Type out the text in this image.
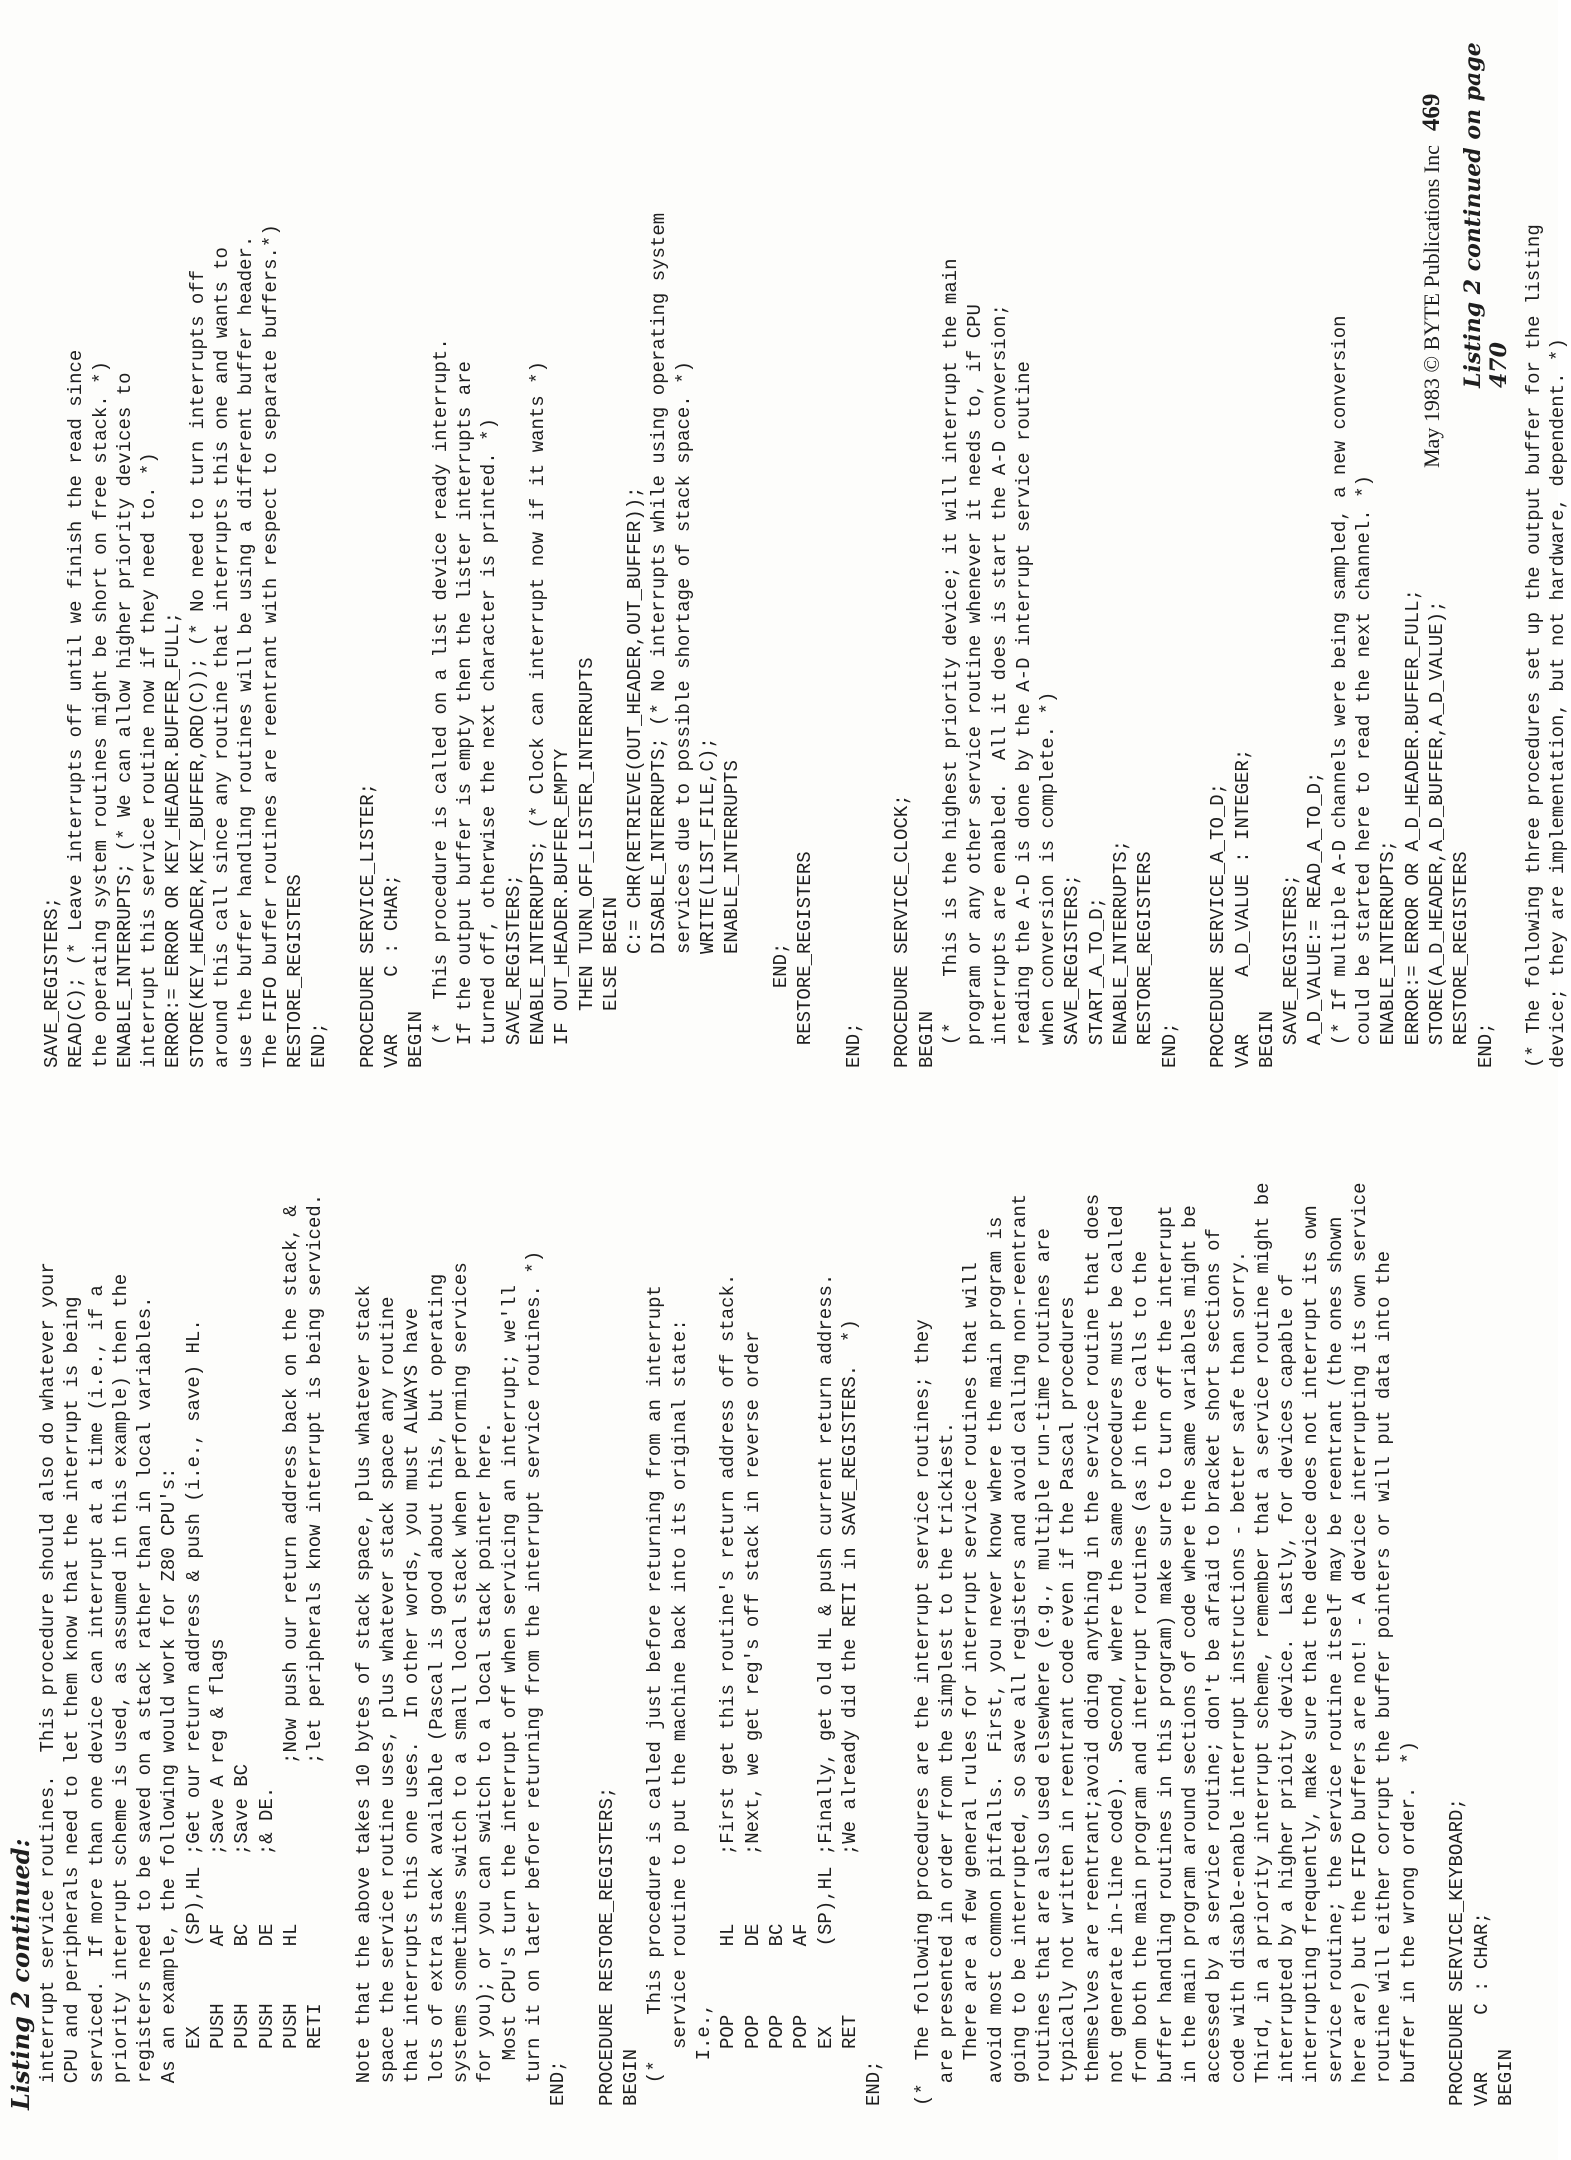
Listing 2 continued: interrupt service routines.  This procedure should also do whatever your CPU and peripherals need to let them know that the interrupt is being serviced.  If more than one device can interrupt at a time (i.e., if a priority interrupt scheme is used, as assumed in this example) then the registers need to be saved on a stack rather than in local variables. As an example, the following would work for Z80 CPU's: EX       (SP),HL ;Get our return address & push (i.e., save) HL. PUSH     AF      ;Save A reg & flags PUSH     BC      ;Save BC PUSH     DE      ;& DE. PUSH     HL              ;Now push our return address back on the stack, & RETI                     ;let peripherals know interrupt is being serviced. Note that the above takes 10 bytes of stack space, plus whatever stack space the service routine uses, plus whatever stack space any routine that interrupts this one uses.  In other words, you must ALWAYS have lots of extra stack available (Pascal is good about this, but operating systems sometimes switch to a small local stack when performing services for you); or you can switch to a local stack pointer here. Most CPU's turn the interrupt off when servicing an interrupt; we'll turn it on later before returning from the interrupt service routines. *) END; PROCEDURE RESTORE_REGISTERS; BEGIN (*    This procedure is called just before returning from an interrupt service routine to put the machine back into its original state: I.e., POP      HL      ;First get this routine's return address off stack. POP      DE      ;Next, we get reg's off stack in reverse order POP      BC POP      AF EX       (SP),HL ;Finally, get old HL & push current return address. RET              ;We already did the RETI in SAVE_REGISTERS.  *) END; (*  The following procedures are the interrupt service routines; they are presented in order from the simplest to the trickiest. There are a few general rules for interrupt service routines that will avoid most common pitfalls.  First, you never know where the main program is going to be interrupted, so save all registers and avoid calling non-reentrant routines that are also used elsewhere (e.g., multiple run-time routines are typically not written in reentrant code even if the Pascal procedures themselves are reentrant;avoid doing anything in the service routine that does not generate in-line code).  Second, where the same procedures must be called from both the main program and interrupt routines (as in the calls to the buffer handling routines in this program) make sure to turn off the interrupt in the main program around sections of code where the same variables might be accessed by a service routine; don't be afraid to bracket short sections of code with disable-enable interrupt instructions - better safe than sorry. Third, in a priority interrupt scheme, remember that a service routine might be interrupted by a higher prioity device.  Lastly, for devices capable of interrupting frequently, make sure that the device does not interrupt its own service routine; the service routine itself may be reentrant (the ones shown here are) but the FIFO buffers are not! - A device interrupting its own service routine will either corrupt the buffer pointers or will put data into the buffer in the wrong order.  *) PROCEDURE SERVICE_KEYBOARD; VAR     C : CHAR; BEGIN
SAVE_REGISTERS; READ(C); (* Leave interrupts off until we finish the read since the operating system routines might be short on free stack. *) ENABLE_INTERRUPTS; (* We can allow higher priority devices to interrupt this service routine now if they need to. *) ERROR:= ERROR OR KEY_HEADER.BUFFER_FULL; STORE(KEY_HEADER,KEY_BUFFER,ORD(C)); (* No need to turn interrupts off around this call since any routine that interrupts this one and wants to use the buffer handling routines will be using a different buffer header. The FIFO buffer routines are reentrant with respect to separate buffers.*) RESTORE_REGISTERS END; PROCEDURE SERVICE_LISTER; VAR     C : CHAR; BEGIN (*  This procedure is called on a list device ready interrupt. If the output buffer is empty then the lister interrupts are turned off, otherwise the next character is printed. *) SAVE_REGISTERS; ENABLE_INTERRUPTS; (* Clock can interrupt now if it wants *) IF OUT_HEADER.BUFFER_EMPTY THEN TURN_OFF_LISTER_INTERRUPTS ELSE BEGIN C:= CHR(RETRIEVE(OUT_HEADER,OUT_BUFFER)); DISABLE_INTERRUPTS; (* No interrupts while using operating system services due to possible shortage of stack space. *) WRITE(LIST_FILE,C); ENABLE_INTERRUPTS END; RESTORE_REGISTERS END; PROCEDURE SERVICE_CLOCK; BEGIN (*    This is the highest priority device; it will interrupt the main program or any other service routine whenever it needs to, if CPU interrupts are enabled.  All it does is start the A-D conversion; reading the A-D is done by the A-D interrupt service routine when conversion is complete. *) SAVE_REGISTERS; START_A_TO_D; ENABLE_INTERRUPTS; RESTORE_REGISTERS END; PROCEDURE SERVICE_A_TO_D; VAR     A_D_VALUE : INTEGER; BEGIN SAVE_REGISTERS; A_D_VALUE:= READ_A_TO_D; (* If multiple A-D channels were being sampled, a new conversion could be started here to read the next channel. *) ENABLE_INTERRUPTS; ERROR:= ERROR OR A_D_HEADER.BUFFER_FULL; STORE(A_D_HEADER,A_D_BUFFER,A_D_VALUE); RESTORE_REGISTERS END; (* The following three procedures set up the output buffer for the listing device; they are implementation, but not hardware, dependent. *)
Listing 2 continued on page 470
May 1983 © BYTE Publications Inc469
